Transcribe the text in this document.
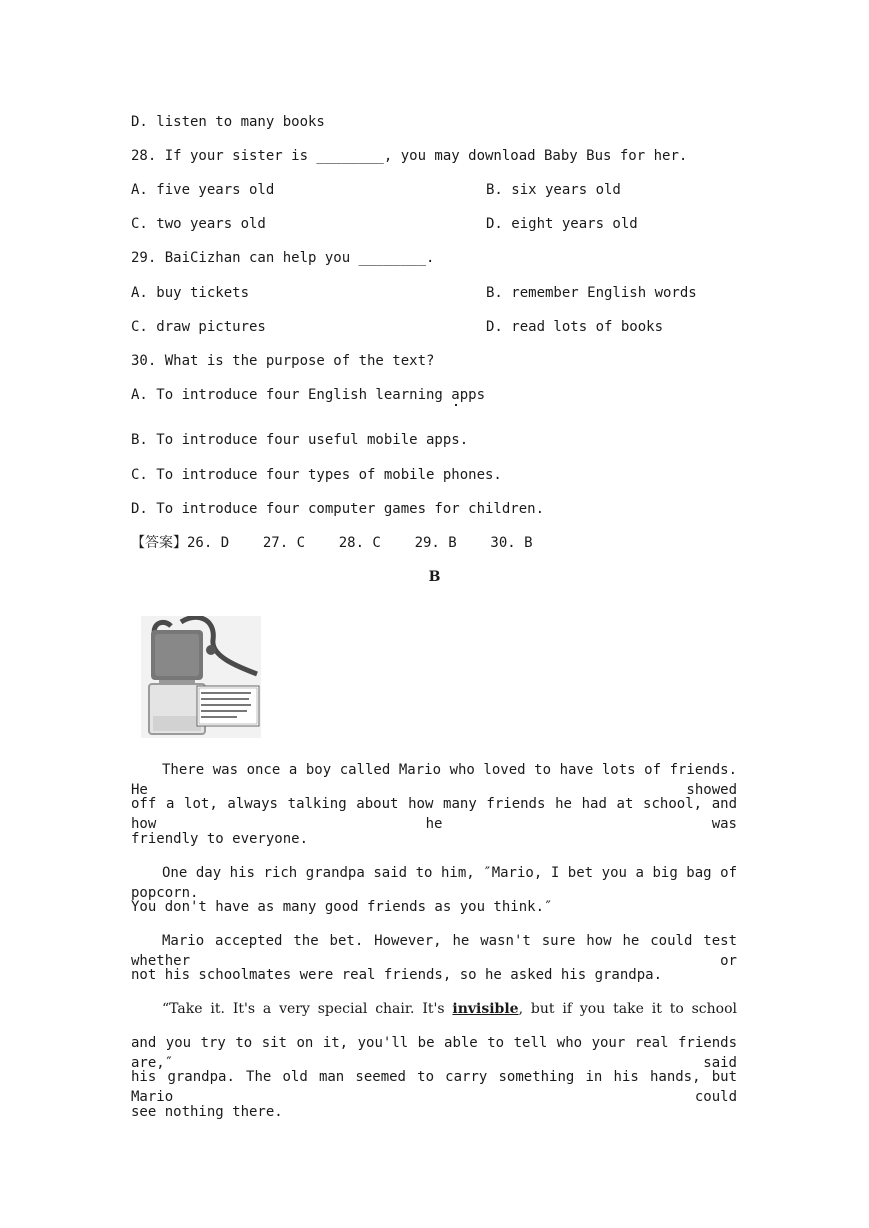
D. listen to many books
28. If your sister is ________, you may download Baby Bus for her.
A. five years old	B. six years old
C. two years old	D. eight years old
29. BaiCizhan can help you ________.
A. buy tickets	B. remember English words
C. draw pictures	D. read lots of books
30. What is the purpose of the text?
A. To introduce four English learning apps
B. To introduce four useful mobile apps.
C. To introduce four types of mobile phones.
D. To introduce four computer games for children.
【答案】26. D    27. C    28. C    29. B    30. B
B
There was once a boy called Mario who loved to have lots of friends. He showed
off a lot, always talking about how many friends he had at school, and how he was
friendly to everyone.
One day his rich grandpa said to him, ″Mario, I bet you a big bag of popcorn.
You don't have as many good friends as you think.″
Mario accepted the bet. However, he wasn't sure how he could test whether or
not his schoolmates were real friends, so he asked his grandpa.
“Take it. It's a very special chair. It's invisible, but if you take it to school
and you try to sit on it, you'll be able to tell who your real friends are,″ said
his grandpa. The old man seemed to carry something in his hands, but Mario could
see nothing there.
